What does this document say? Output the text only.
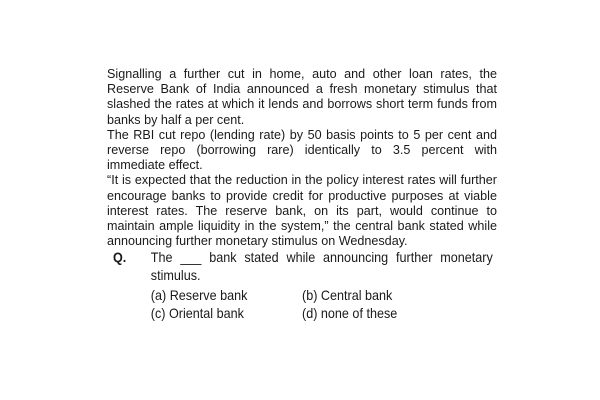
Signalling a further cut in home, auto and other loan rates, the Reserve Bank of India announced a fresh monetary stimulus that slashed the rates at which it lends and borrows short term funds from banks by half a per cent.

The RBI cut repo (lending rate) by 50 basis points to 5 per cent and reverse repo (borrowing rare) identically to 3.5 percent with immediate effect.

“It is expected that the reduction in the policy interest rates will further encourage banks to provide credit for productive purposes at viable interest rates. The reserve bank, on its part, would continue to maintain ample liquidity in the system,” the central bank stated while announcing further monetary stimulus on Wednesday.

Q. The ___ bank stated while announcing further monetary stimulus.
(a) Reserve bank	(b) Central bank
(c) Oriental bank	(d) none of these
